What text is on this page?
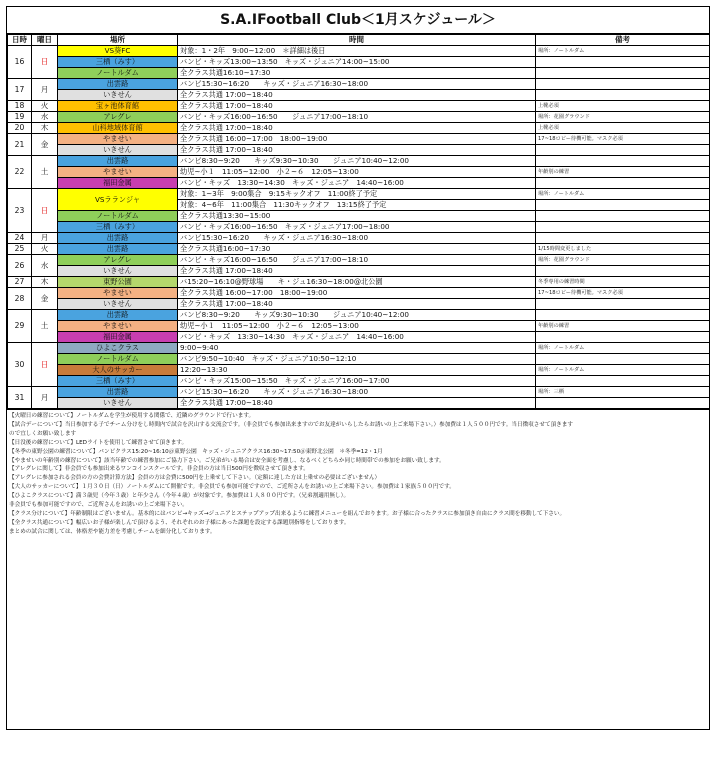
S.A.IFootball Club＜1月スケジュール＞
日時	曜日	場所	時間	備考
16	日	VS葵FC	対象：1・2年　9:00~12:00　＊詳細は後日	場所：ノートルダム
		三栖（みす）	バンビ・キッズ13:00~13:50　キッズ・ジュニア14:00~15:00	
		ノートルダム	全クラス共通16:10~17:30	
17	月	出雲路	バンビ15:30~16:20　　キッズ・ジュニア16:30~18:00	
		いきせん	全クラス共通 17:00~18:40	
18	火	宝ヶ池体育館	全クラス共通 17:00~18:40	上靴必須
19	水	アレグレ	バンビ・キッズ16:00~16:50　　ジュニア17:00~18:10	場所：花園グラウンド
20	木	山科地域体育館	全クラス共通 17:00~18:40	上靴必須
21	金	やませい	全クラス共通 16:00~17:00　18:00~19:00	17~18ロビー待機可能。マスク必須
		いきせん	全クラス共通 17:00~18:40	
22	土	出雲路	バンビ8:30~9:20　　キッズ9:30~10:30　　ジュニア10:40~12:00	
		やませい	幼児~小１　11:05~12:00　小２~６　12:05~13:00	年齢別の練習
		福田金属	バンビ・キッズ　13:30~14:30　キッズ・ジュニア　14:40~16:00	
23	日	VSラランジャ	対象：1~3年　9:00集合　9:15キックオフ　11:00終了予定	場所：ノートルダム
			対象：4~6年　11:00集合　11:30キックオフ　13:15終了予定	
		ノートルダム	全クラス共通13:30~15:00	
		三栖（みす）	バンビ・キッズ16:00~16:50　キッズ・ジュニア17:00~18:00	
24	月	出雲路	バンビ15:30~16:20　　キッズ・ジュニア16:30~18:00	
25	火	出雲路	全クラス共通16:00~17:30	1/15時間変更しました
26	水	アレグレ	バンビ・キッズ16:00~16:50　　ジュニア17:00~18:10	場所：花園グラウンド
		いきせん	全クラス共通 17:00~18:40	
27	木	東野公園	バ15:20~16:10@野球場　　キ・ジュ16:30~18:00@北公園	冬季専用の練習時間
28	金	やませい	全クラス共通 16:00~17:00　18:00~19:00	17~18ロビー待機可能。マスク必須
		いきせん	全クラス共通 17:00~18:40	
29	土	出雲路	バンビ8:30~9:20　　キッズ9:30~10:30　　ジュニア10:40~12:00	
		やませい	幼児~小１　11:05~12:00　小２~６　12:05~13:00	年齢別の練習
		福田金属	バンビ・キッズ　13:30~14:30　キッズ・ジュニア　14:40~16:00	
30	日	ひよこクラス	9:00~9:40	場所：ノートルダム
		ノートルダム	バンビ9:50~10:40　キッズ・ジュニア10:50~12:10	
		大人のサッカー	12:20~13:30	場所：ノートルダム
		三栖（みす）	バンビ・キッズ15:00~15:50　キッズ・ジュニア16:00~17:00	
31	月	出雲路	バンビ15:30~16:20　　キッズ・ジュニア16:30~18:00	場所：三栖
		いきせん	全クラス共通 17:00~18:40	
【火曜日の練習について】ノートルダムを学生が使用する関係で、近隣のグラウンドで行います。
【試合デーについて】当日参加する子でチーム分けをし時間内で試合を沢山する交流会です。（非会員でも参加出来ますのでお友達がいらしたらお誘いの上ご来場下さい。）参加費は１人５００円です。当日徴収させて頂きます
ので宜しくお願い致します
【日没後の練習について】LEDライトを使用して練習させて頂きます。
【冬季の東野公園の練習について】バンビクラス15:20~16:10＠東野公園　キッズ・ジュニアクラス16:30~17:50＠東野北公園　＊冬季=12・1月
【やませいの年齢別の練習について】該当年齢での練習参加にご協力下さい。ご兄弟がいる場合は安全面を考慮し、なるべくどちらか同じ時間帯での参加をお願い致します。
【アレグレに関して】非会員でも参加出来るワンコインスクールです。非会員の方は当日500円を徴収させて頂きます。
【アレグレに参加される会員の方の会費計算方法】会員の方は会費に500円を上乗せして下さい。（定額に達した方は上乗せの必要はございません）
【大人のサッカーについて】１月３０日（日）ノートルダムにて開催です。非会員でも参加可能ですので、ご近所さんをお誘いの上ご来場下さい。参加費は１家族５００円です。
【ひよこクラスについて】満３歳児（今年３歳）と年少さん（今年４歳）が対象です。参加費は１人８００円です。（兄弟割適用無し）。
非会員でも参加可能ですので、ご近所さんをお誘いの上ご来場下さい。
【クラス分けについて】年齢制限はございません。基本的にはバンビ→キッズ→ジュニアとステップアップ出来るように練習メニューを組んでおります。お子様に合ったクラスに参加頂き自由にクラス間を移動して下さい。
【全クラス共通について】幅広いお子様が楽しんで頂けるよう、それぞれのお子様にあった課題を設定する課題別指導をしております。
まとめの試合に関しては、体格差や能力差を考慮しチームを細分化しております。
